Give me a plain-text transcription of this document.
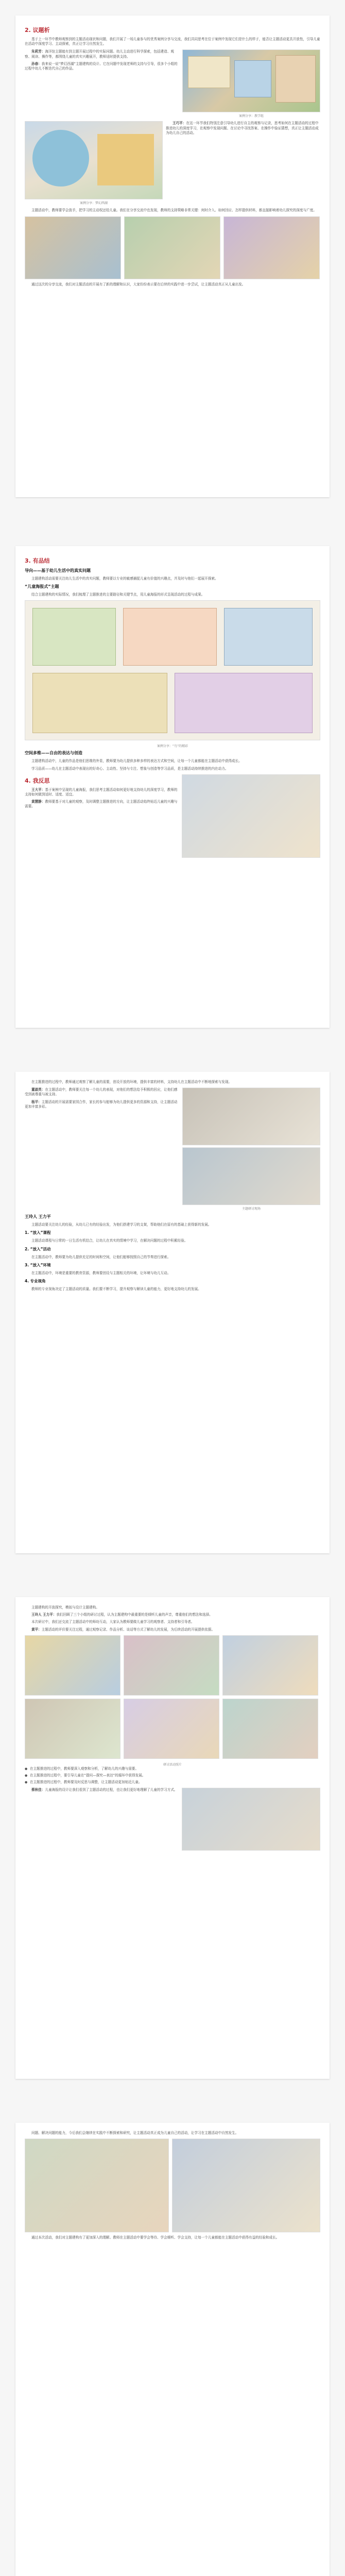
2. 议题析

基于上一环节中教师观察到的主题活动现状和问题，我们开展了一场儿童参与的优秀案例分享与交流，我们共同思考在位于案例中发现它们是什么的样子，能否让主题活动更具开放性，引导儿童在活动中深度学习、主动探索，真正让学习自然发生。

朱莉芳：海洋馆主题能有到主题开展过程中的实际问题。幼儿主动进行科学探索，包括建造、观察、阅读、操作等，都围绕儿童的真实兴趣展开，教师适时提供支持。

孙春：我来说一说“梦幻西湖”主题建构的设计。它在问题中发现老师的支持与引导，很多个小组的过程中幼儿不断迭代自己的作品。

案例分享：教学组
案例分享：梦幻西湖

王巧平：在这一环节我们特别注意引导幼儿进行自主的观察与记录，思考如何在主题活动的过程中推进幼儿的深度学习，在观察中发现问题、在讨论中寻找答案、在操作中验证猜想，真正让主题活动成为幼儿自己的活动。

主题活动中，教师要学会放手，把学习的主动权还给儿童。我们在分享交流中也发现，教师的支持策略非常关键：何时介入、如何回应、怎样提供材料，都直接影响着幼儿探究的深度与广度。

通过这次的分享交流，我们对主题活动的开展有了新的理解和认识，大家纷纷表示要在后续的实践中进一步尝试，让主题活动真正从儿童出发。

3. 有品结
导向——基于幼儿生活中的真实问题

主题建构活动需要关注幼儿生活中的真实问题，教师要以专业的敏感捕捉儿童有价值的兴趣点，并及时与他们一起展开探索。

“儿童海报式”主题

结合主题建构的实际情况，我们梳理了主题推进的主要路径和关键节点，用儿童海报的形式呈现活动的过程与成果。

案例分享：“鸟”的精彩
空间多维——自由的表达与创造

主题建构活动中，儿童的作品是他们思维的外显，教师要为幼儿提供多种多样的表达方式和空间，让每一个儿童都能在主题活动中获得成长。

学习品质——幼儿在主题活动中表现出的好奇心、主动性、坚持与专注、想象与创造等学习品质，是主题活动持续推进的内在动力。

4. 我反思

王大平：基于案例中呈现的儿童海报，我们思考主题活动如何更好地支持幼儿的深度学习，教师的支持如何做到适时、适度、适宜。

黄慧静：教师要基于对儿童的观察，及时调整主题推进的方向，让主题活动始终贴近儿童的兴趣与需要。

在主题推进的过程中，教师通过观察了解儿童的需要，创设开放的环境，提供丰富的材料，支持幼儿在主题活动中不断地探索与发现。

董淑英：在主题活动中，教师要关注每一个幼儿的表现，对他们的想法给予积极的回应，让他们感受到被尊重与被支持。

杨平：主题活动的开展需要家园合作，家长的参与能够为幼儿提供更多的资源和支持，让主题活动更加丰富多彩。

主题研讨现场
王玲人 王力平

主题活动要关注幼儿的经验，从幼儿已有的经验出发，为他们搭建学习的支架，帮助他们在原有的基础上获得新的发展。

1. “放入”课程

主题活动课程与日常的一日生活有机结合，让幼儿在真实的情境中学习，在解决问题的过程中积累经验。

2. “放入”活动

在主题活动中，教师要为幼儿提供充足的时间和空间，让他们能够按照自己的节奏进行探索。

3. “放入”环境

在主题活动中，环境是重要的教育资源，教师要创设与主题相关的环境，让环境与幼儿互动。

4. 专业视角

教师的专业视角决定了主题活动的质量。我们要不断学习，提升观察与解读儿童的能力，更好地支持幼儿的发展。

主题建构的开放探究，模拟与设计主题建构。

王玲人 王力平：我们回顾了三个小组的研讨过程，认为主题建构中最重要的是倾听儿童的声音，尊重他们的想法和选择。

本次研讨中，我们还交流了主题活动中的师幼互动，大家认为教师要做儿童学习的观察者、支持者和引导者。

黄平：主题活动的评价要关注过程，通过观察记录、作品分析、谈话等方式了解幼儿的发展，为后续活动的开展提供依据。

研讨活动照片
● 在主题推进的过程中，教师要深入观察和分析，了解幼儿的兴趣与需要。
● 在主题推进的过程中，要引导儿童在“提问—探究—表达”的循环中获得发展。
● 在主题推进的过程中，教师要及时反思与调整，让主题活动更加贴近儿童。

蔡秋佳：儿童海报的设计让我们看到了主题活动的过程，也让我们更好地理解了儿童的学习方式。

问题、解决问题的能力，今后我们会继续在实践中不断探索和研究，让主题活动真正成为儿童自己的活动，让学习在主题活动中自然发生。

通过本次活动，我们对主题建构有了更加深入的理解。教师在主题活动中要学会等待、学会倾听、学会支持，让每一个儿童都能在主题活动中获得有益的经验和成长。
